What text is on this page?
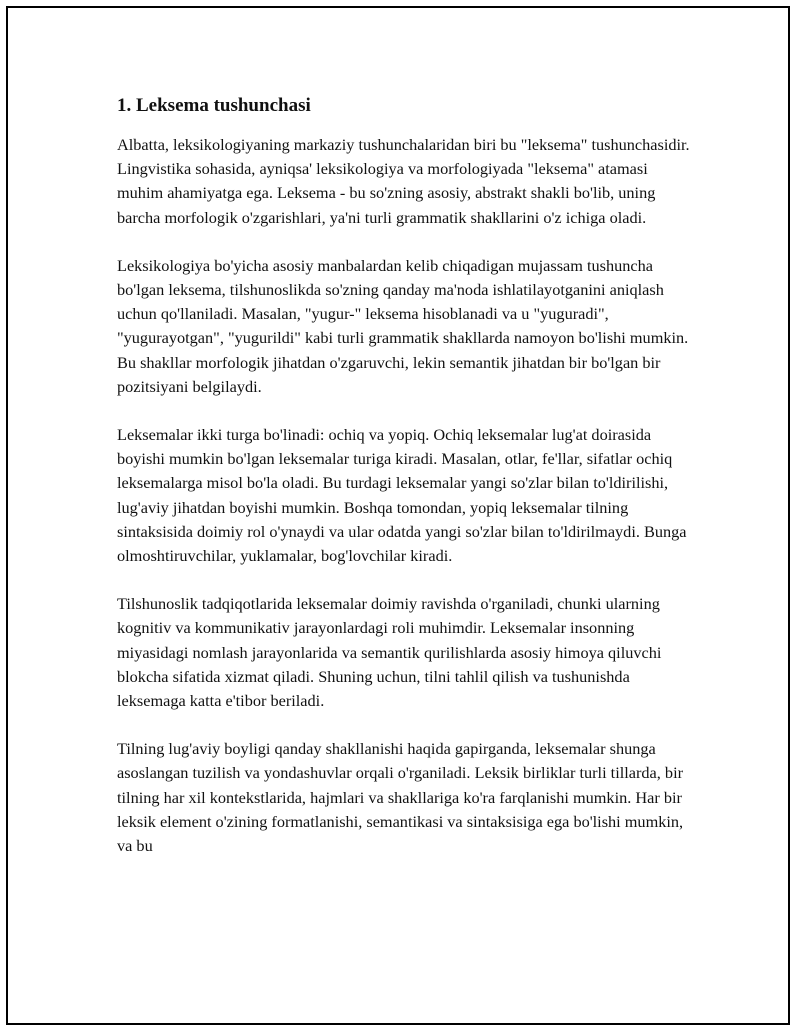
1. Leksema tushunchasi

Albatta, leksikologiyaning markaziy tushunchalaridan biri bu "leksema" tushunchasidir. Lingvistika sohasida, ayniqsa' leksikologiya va morfologiyada "leksema" atamasi muhim ahamiyatga ega. Leksema - bu so'zning asosiy, abstrakt shakli bo'lib, uning barcha morfologik o'zgarishlari, ya'ni turli grammatik shakllarini o'z ichiga oladi.

Leksikologiya bo'yicha asosiy manbalardan kelib chiqadigan mujassam tushuncha bo'lgan leksema, tilshunoslikda so'zning qanday ma'noda ishlatilayotganini aniqlash uchun qo'llaniladi. Masalan, "yugur-" leksema hisoblanadi va u "yuguradi", "yugurayotgan", "yugurildi" kabi turli grammatik shakllarda namoyon bo'lishi mumkin. Bu shakllar morfologik jihatdan o'zgaruvchi, lekin semantik jihatdan bir bo'lgan bir pozitsiyani belgilaydi.

Leksemalar ikki turga bo'linadi: ochiq va yopiq. Ochiq leksemalar lug'at doirasida boyishi mumkin bo'lgan leksemalar turiga kiradi. Masalan, otlar, fe'llar, sifatlar ochiq leksemalarga misol bo'la oladi. Bu turdagi leksemalar yangi so'zlar bilan to'ldirilishi, lug'aviy jihatdan boyishi mumkin. Boshqa tomondan, yopiq leksemalar tilning sintaksisida doimiy rol o'ynaydi va ular odatda yangi so'zlar bilan to'ldirilmaydi. Bunga olmoshtiruvchilar, yuklamalar, bog'lovchilar kiradi.

Tilshunoslik tadqiqotlarida leksemalar doimiy ravishda o'rganiladi, chunki ularning kognitiv va kommunikativ jarayonlardagi roli muhimdir. Leksemalar insonning miyasidagi nomlash jarayonlarida va semantik qurilishlarda asosiy himoya qiluvchi blokcha sifatida xizmat qiladi. Shuning uchun, tilni tahlil qilish va tushunishda leksemaga katta e'tibor beriladi.

Tilning lug'aviy boyligi qanday shakllanishi haqida gapirganda, leksemalar shunga asoslangan tuzilish va yondashuvlar orqali o'rganiladi. Leksik birliklar turli tillarda, bir tilning har xil kontekstlarida, hajmlari va shakllariga ko'ra farqlanishi mumkin. Har bir leksik element o'zining formatlanishi, semantikasi va sintaksisiga ega bo'lishi mumkin, va bu
